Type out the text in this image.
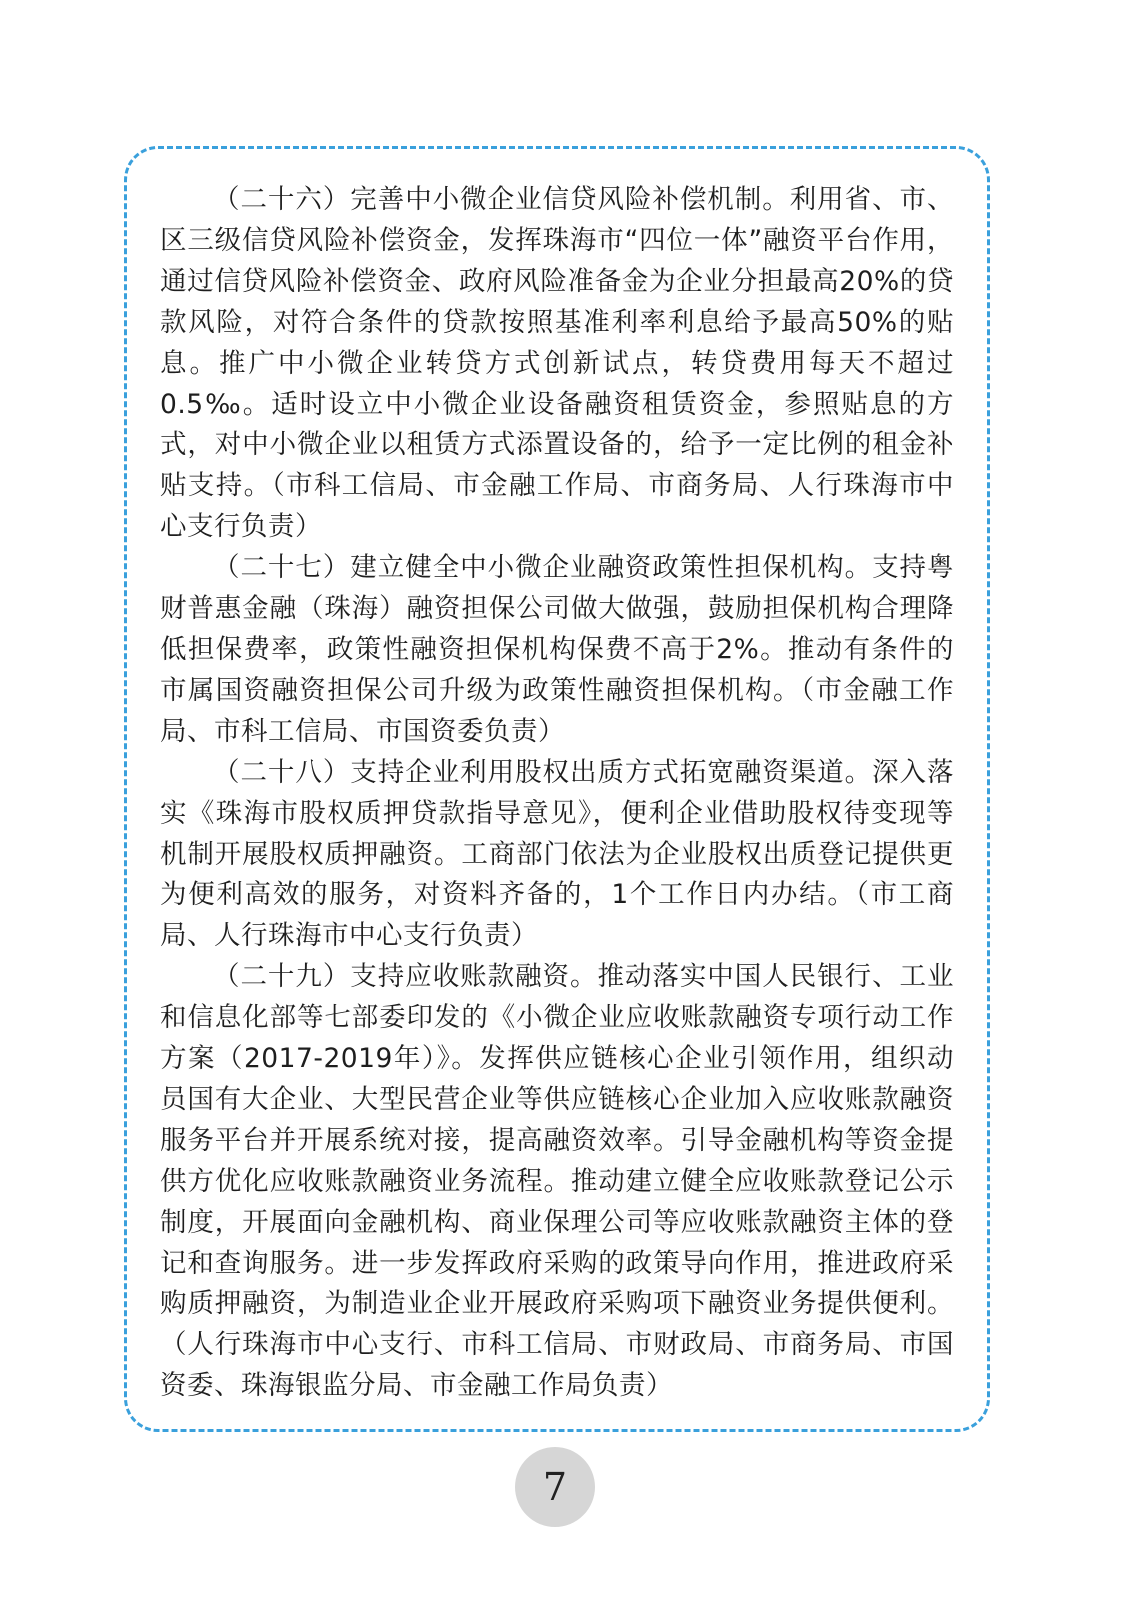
（二十六）完善中小微企业信贷风险补偿机制。利用省、市、区三级信贷风险补偿资金，发挥珠海市“四位一体”融资平台作用，通过信贷风险补偿资金、政府风险准备金为企业分担最高20%的贷款风险，对符合条件的贷款按照基准利率利息给予最高50%的贴息。推广中小微企业转贷方式创新试点，转贷费用每天不超过0.5‰。适时设立中小微企业设备融资租赁资金，参照贴息的方式，对中小微企业以租赁方式添置设备的，给予一定比例的租金补贴支持。（市科工信局、市金融工作局、市商务局、人行珠海市中心支行负责）

（二十七）建立健全中小微企业融资政策性担保机构。支持粤财普惠金融（珠海）融资担保公司做大做强，鼓励担保机构合理降低担保费率，政策性融资担保机构保费不高于2%。推动有条件的市属国资融资担保公司升级为政策性融资担保机构。（市金融工作局、市科工信局、市国资委负责）

（二十八）支持企业利用股权出质方式拓宽融资渠道。深入落实《珠海市股权质押贷款指导意见》，便利企业借助股权待变现等机制开展股权质押融资。工商部门依法为企业股权出质登记提供更为便利高效的服务，对资料齐备的，1个工作日内办结。（市工商局、人行珠海市中心支行负责）

（二十九）支持应收账款融资。推动落实中国人民银行、工业和信息化部等七部委印发的《小微企业应收账款融资专项行动工作方案（2017-2019年）》。发挥供应链核心企业引领作用，组织动员国有大企业、大型民营企业等供应链核心企业加入应收账款融资服务平台并开展系统对接，提高融资效率。引导金融机构等资金提供方优化应收账款融资业务流程。推动建立健全应收账款登记公示制度，开展面向金融机构、商业保理公司等应收账款融资主体的登记和查询服务。进一步发挥政府采购的政策导向作用，推进政府采购质押融资，为制造业企业开展政府采购项下融资业务提供便利。（人行珠海市中心支行、市科工信局、市财政局、市商务局、市国资委、珠海银监分局、市金融工作局负责）

7
